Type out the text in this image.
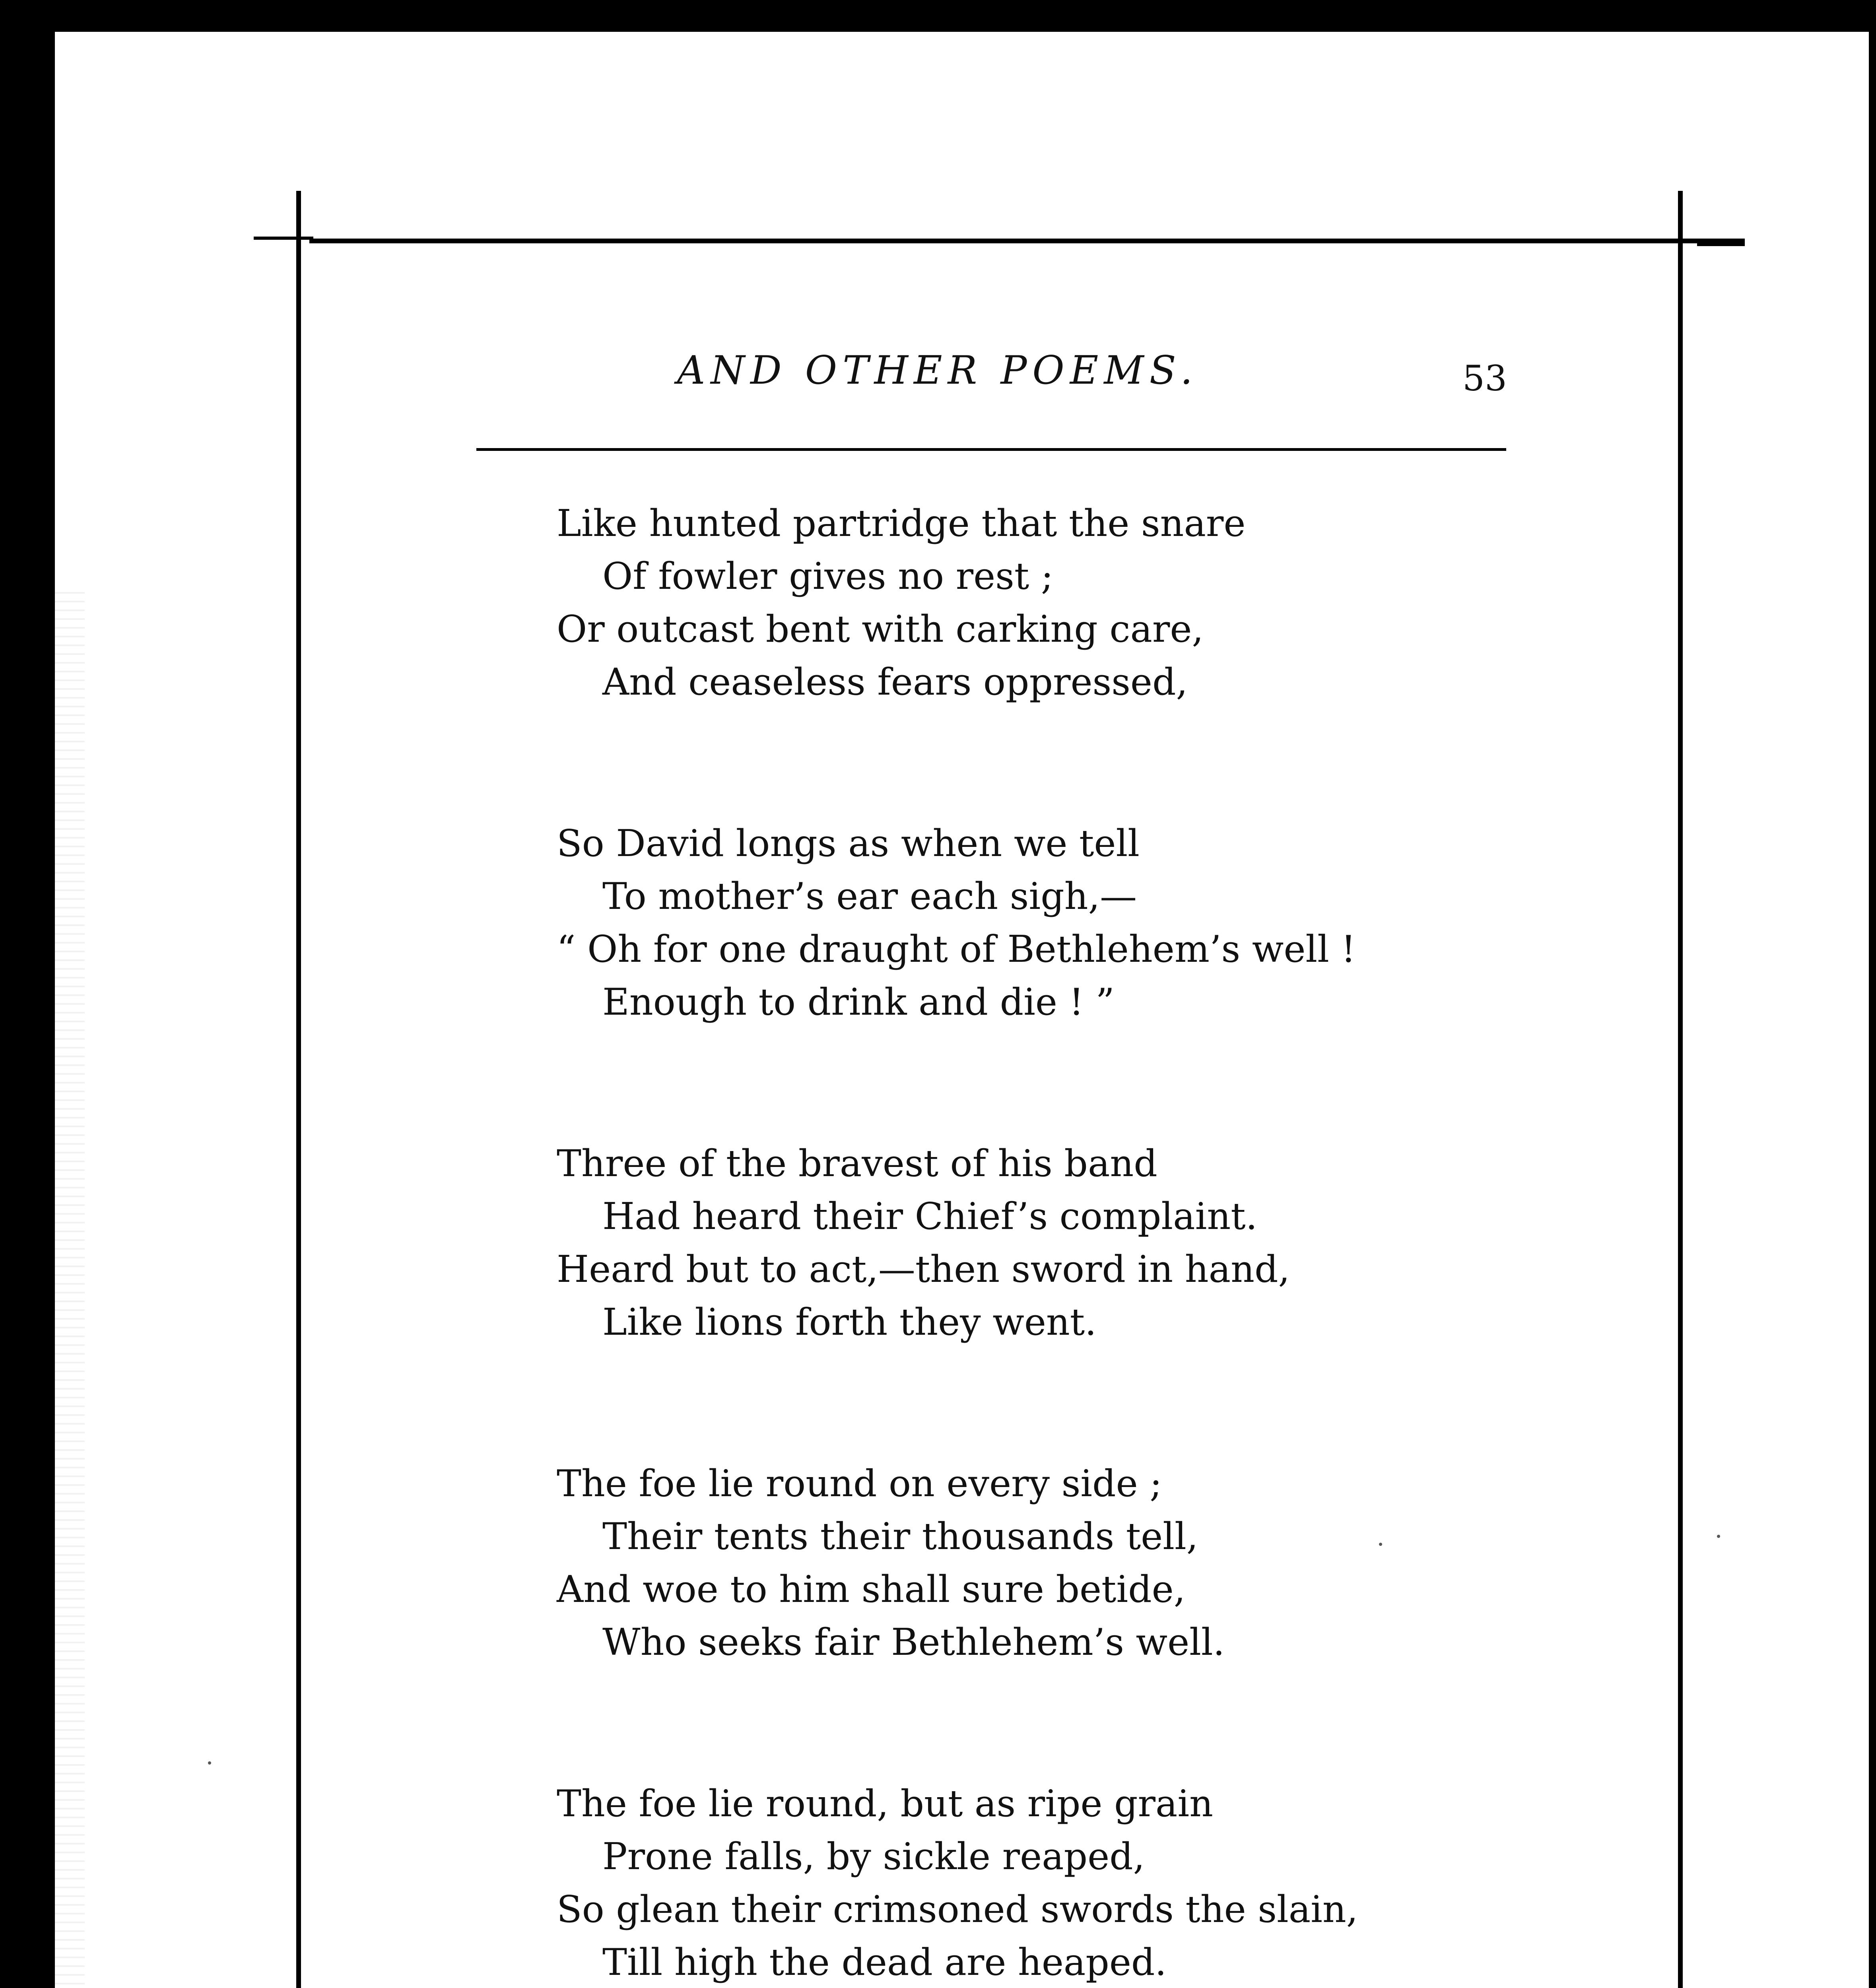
AND OTHER POEMS.	53
Like hunted partridge that the snare
Of fowler gives no rest ;
Or outcast bent with carking care,
And ceaseless fears oppressed,
So David longs as when we tell
To mother’s ear each sigh,—
“ Oh for one draught of Bethlehem’s well !
Enough to drink and die ! ”
Three of the bravest of his band
Had heard their Chief’s complaint.
Heard but to act,—then sword in hand,
Like lions forth they went.
The foe lie round on every side ;
Their tents their thousands tell,
And woe to him shall sure betide,
Who seeks fair Bethlehem’s well.
The foe lie round, but as ripe grain
Prone falls, by sickle reaped,
So glean their crimsoned swords the slain,
Till high the dead are heaped.
